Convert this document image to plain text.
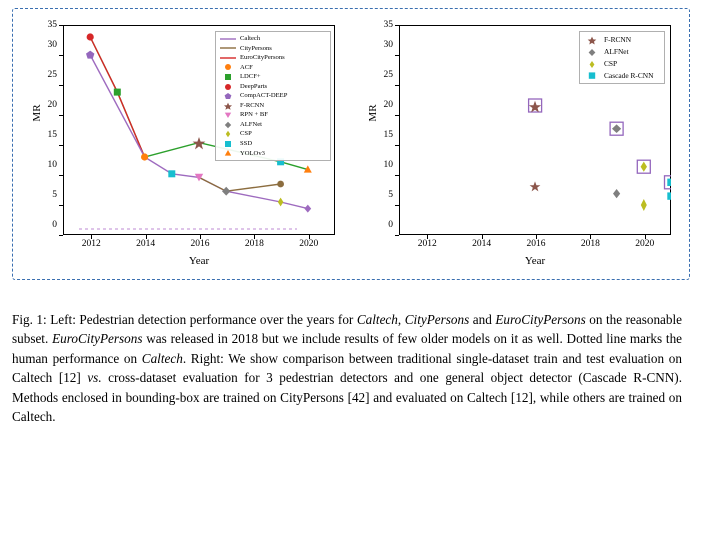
MR
Year
0
5
10
15
20
25
30
35
2012	2014	2016	2018	2020
Caltech
CityPersons
EuroCityPersons
ACF
LDCF+
DeepParts
CompACT-DEEP
F-RCNN
RPN + BF
ALFNet
CSP
SSD
YOLOv3
MR
Year
0
5
10
15
20
25
30
35
2012	2014	2016	2018	2020
F-RCNN
ALFNet
CSP
Cascade R-CNN
Fig. 1: Left: Pedestrian detection performance over the years for Caltech, CityPersons and EuroCityPersons on the reasonable subset. EuroCityPersons was released in 2018 but we include results of few older models on it as well. Dotted line marks the human performance on Caltech. Right: We show comparison between traditional single-dataset train and test evaluation on Caltech [12] vs. cross-dataset evaluation for 3 pedestrian detectors and one general object detector (Cascade R-CNN). Methods enclosed in bounding-box are trained on CityPersons [42] and evaluated on Caltech [12], while others are trained on Caltech.
